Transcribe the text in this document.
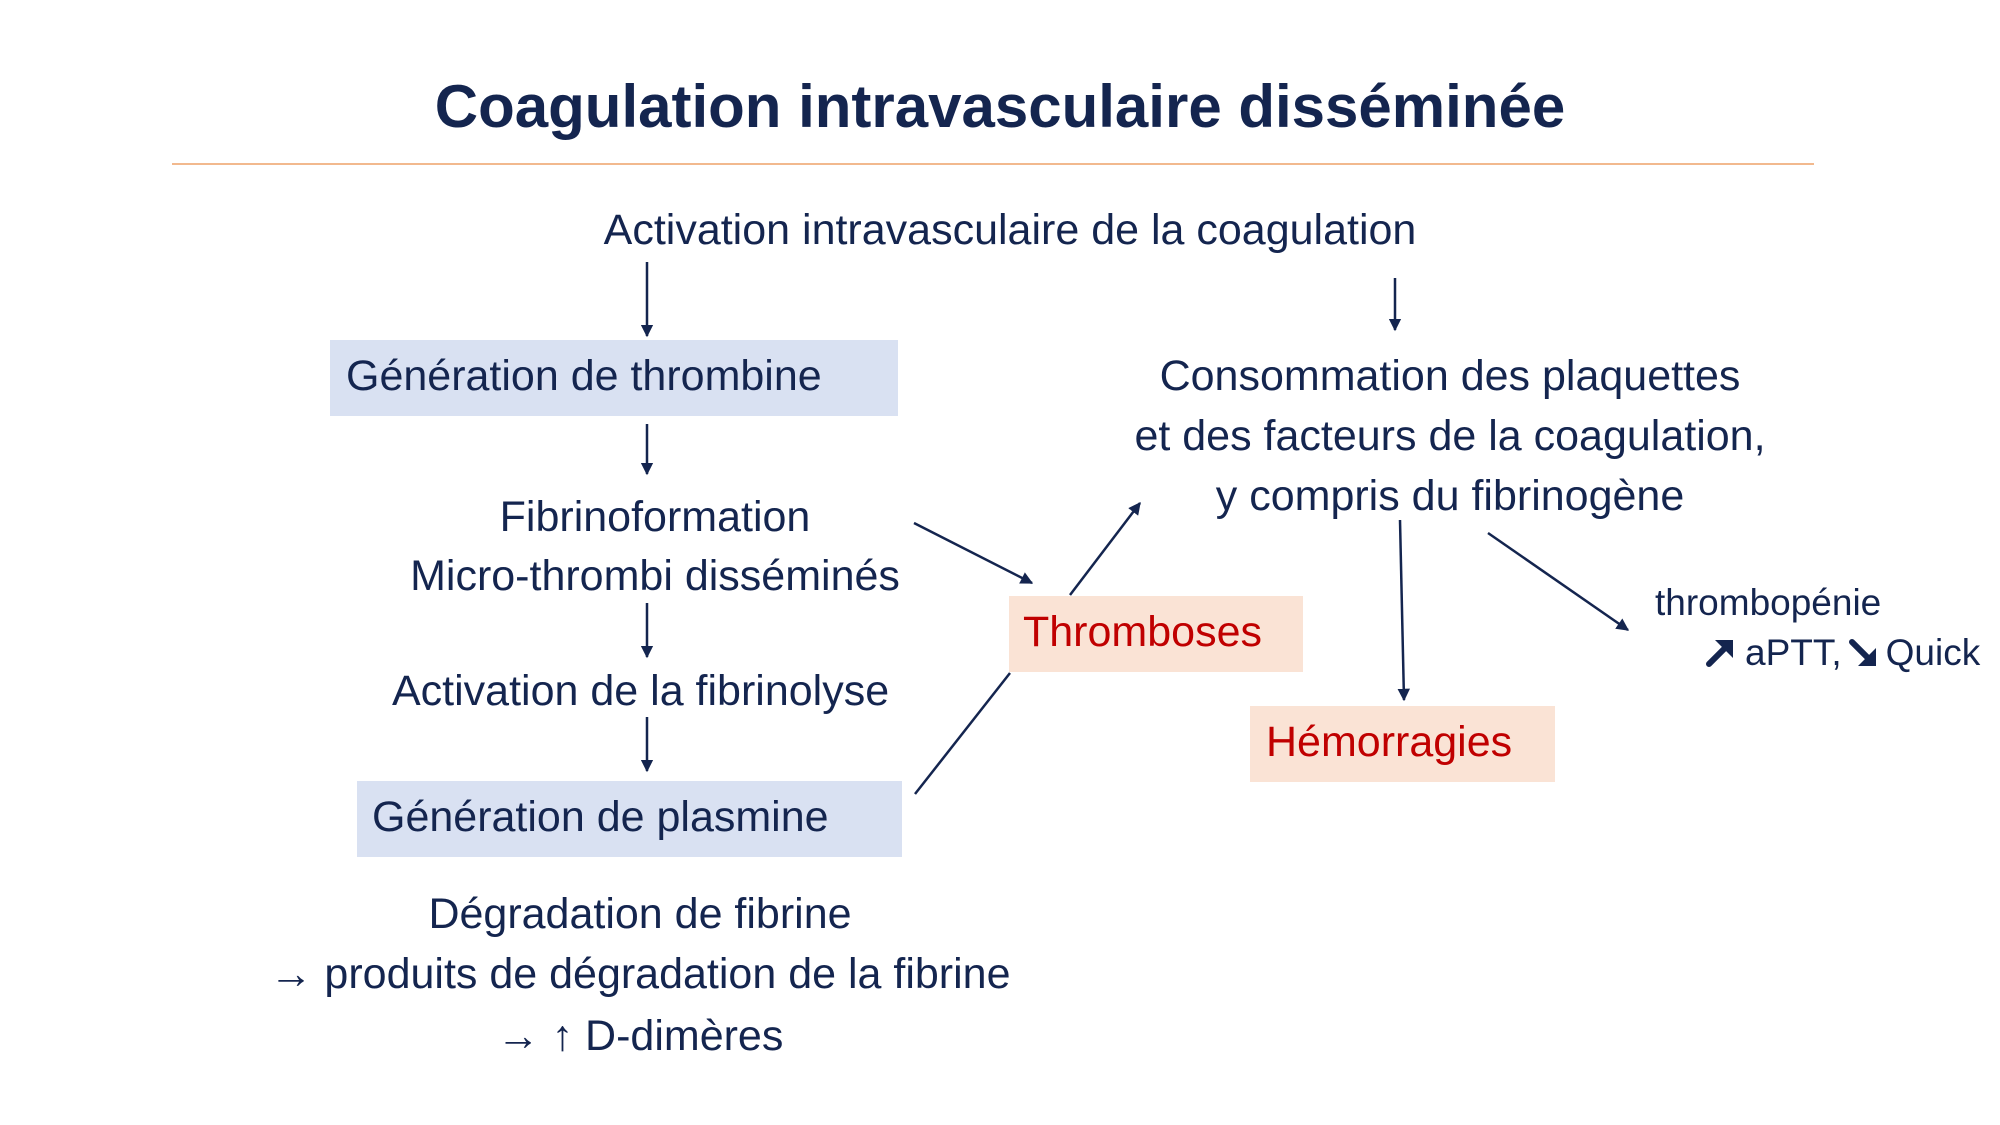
Coagulation intravasculaire disséminée
Activation intravasculaire de la coagulation
Génération de thrombine
Fibrinoformation
Micro-thrombi disséminés
Activation de la fibrinolyse
Génération de plasmine
Dégradation de fibrine
→ produits de dégradation de la fibrine
→ ↑ D-dimères
Consommation des plaquettes
et des facteurs de la coagulation,
y compris du fibrinogène
Thromboses
Hémorragies
thrombopénie
aPTT, Quick
